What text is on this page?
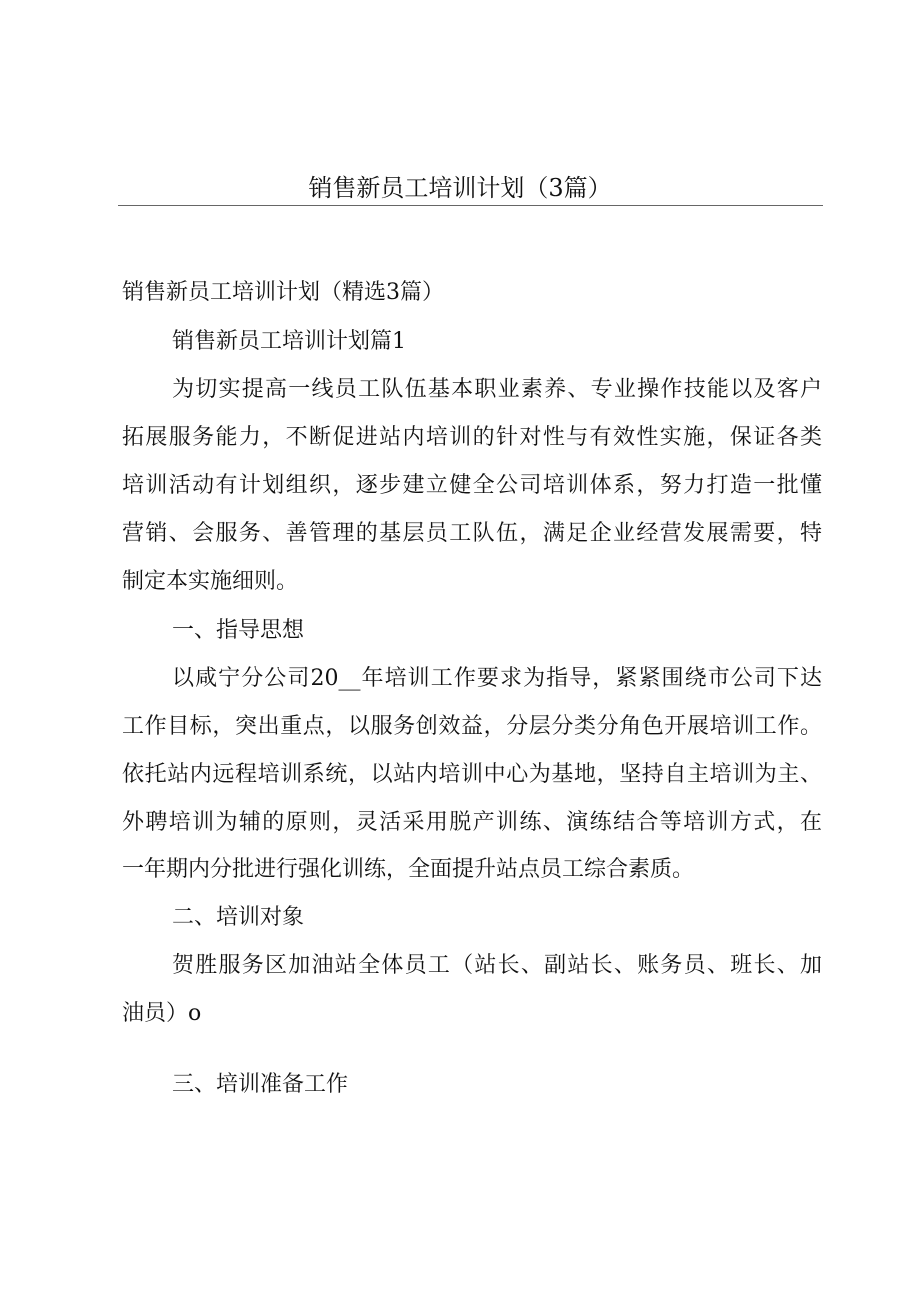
销售新员工培训计划（3篇）
销售新员工培训计划（精选3篇）
销售新员工培训计划篇1
为切实提高一线员工队伍基本职业素养、专业操作技能以及客户
拓展服务能力，不断促进站内培训的针对性与有效性实施，保证各类
培训活动有计划组织，逐步建立健全公司培训体系，努力打造一批懂
营销、会服务、善管理的基层员工队伍，满足企业经营发展需要，特
制定本实施细则。
一、指导思想
以咸宁分公司20__年培训工作要求为指导，紧紧围绕市公司下达
工作目标，突出重点，以服务创效益，分层分类分角色开展培训工作。
依托站内远程培训系统，以站内培训中心为基地，坚持自主培训为主、
外聘培训为辅的原则，灵活采用脱产训练、演练结合等培训方式，在
一年期内分批进行强化训练，全面提升站点员工综合素质。
二、培训对象
贺胜服务区加油站全体员工（站长、副站长、账务员、班长、加
油员）o
三、培训准备工作
